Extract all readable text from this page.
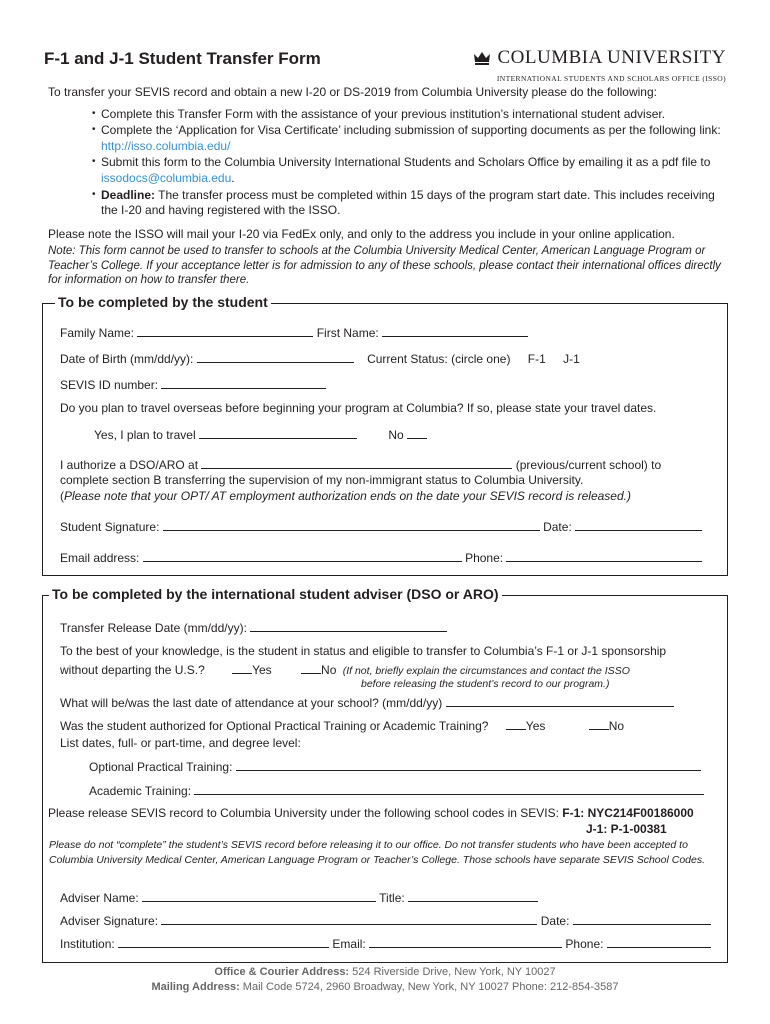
F-1 and J-1 Student Transfer Form	COLUMBIA UNIVERSITY
INTERNATIONAL STUDENTS AND SCHOLARS OFFICE (ISSO)
To transfer your SEVIS record and obtain a new I-20 or DS-2019 from Columbia University please do the following:
• Complete this Transfer Form with the assistance of your previous institution’s international student adviser.
• Complete the ‘Application for Visa Certificate’ including submission of supporting documents as per the following link: http://isso.columbia.edu/
• Submit this form to the Columbia University International Students and Scholars Office by emailing it as a pdf file to issodocs@columbia.edu.
• Deadline: The transfer process must be completed within 15 days of the program start date. This includes receiving the I-20 and having registered with the ISSO.
Please note the ISSO will mail your I-20 via FedEx only, and only to the address you include in your online application.
Note: This form cannot be used to transfer to schools at the Columbia University Medical Center, American Language Program or Teacher’s College. If your acceptance letter is for admission to any of these schools, please contact their international offices directly for information on how to transfer there.
To be completed by the student
Family Name:	First Name:
Date of Birth (mm/dd/yy):	Current Status: (circle one) F-1 J-1
SEVIS ID number:
Do you plan to travel overseas before beginning your program at Columbia? If so, please state your travel dates.
Yes, I plan to travel	No
I authorize a DSO/ARO at	(previous/current school) to
complete section B transferring the supervision of my non-immigrant status to Columbia University.
(Please note that your OPT/ AT employment authorization ends on the date your SEVIS record is released.)
Student Signature:	Date:
Email address:	Phone:
To be completed by the international student adviser (DSO or ARO)
Transfer Release Date (mm/dd/yy):
To the best of your knowledge, is the student in status and eligible to transfer to Columbia’s F-1 or J-1 sponsorship
without departing the U.S.?	Yes	No (If not, briefly explain the circumstances and contact the ISSO
before releasing the student’s record to our program.)
What will be/was the last date of attendance at your school? (mm/dd/yy)
Was the student authorized for Optional Practical Training or Academic Training?	Yes	No
List dates, full- or part-time, and degree level:
Optional Practical Training:
Academic Training:
Please release SEVIS record to Columbia University under the following school codes in SEVIS: F-1: NYC214F00186000
J-1: P-1-00381
Please do not “complete” the student’s SEVIS record before releasing it to our office. Do not transfer students who have been accepted to Columbia University Medical Center, American Language Program or Teacher’s College. Those schools have separate SEVIS School Codes.
Adviser Name:	Title:
Adviser Signature:	Date:
Institution:	Email:	Phone:
Office & Courier Address: 524 Riverside Drive, New York, NY 10027
Mailing Address: Mail Code 5724, 2960 Broadway, New York, NY 10027 Phone: 212-854-3587
